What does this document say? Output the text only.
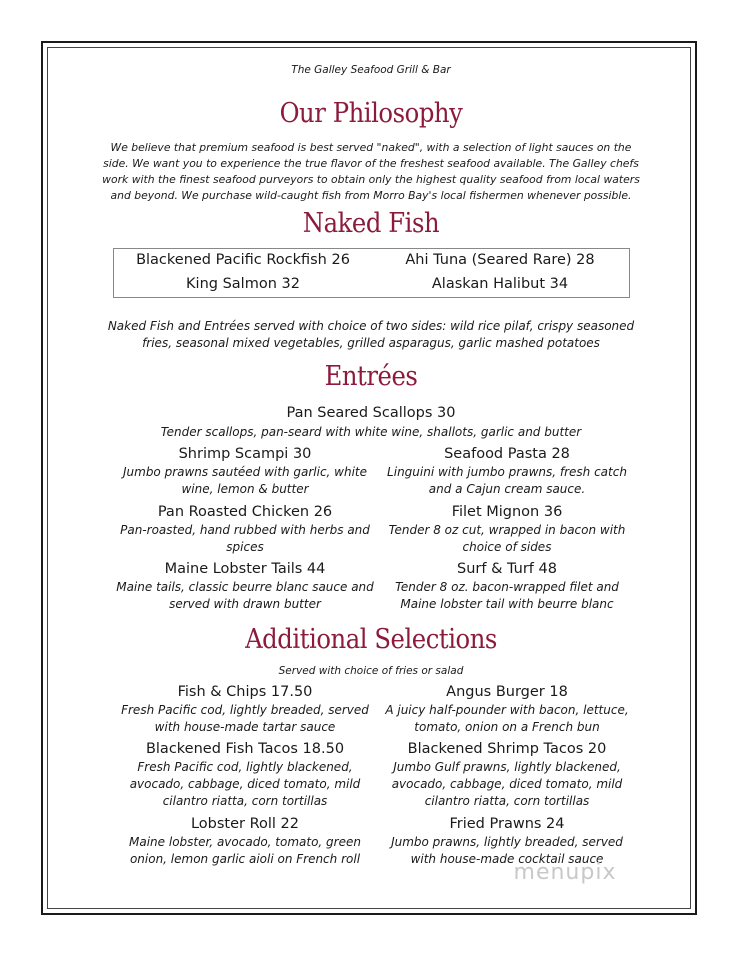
The Galley Seafood Grill & Bar
Our Philosophy
We believe that premium seafood is best served "naked", with a selection of light sauces on the side. We want you to experience the true flavor of the freshest seafood available. The Galley chefs work with the finest seafood purveyors to obtain only the highest quality seafood from local waters and beyond. We purchase wild-caught fish from Morro Bay's local fishermen whenever possible.
Naked Fish
Blackened Pacific Rockfish 26	Ahi Tuna (Seared Rare) 28
King Salmon 32	Alaskan Halibut 34
Naked Fish and Entrées served with choice of two sides: wild rice pilaf, crispy seasoned fries, seasonal mixed vegetables, grilled asparagus, garlic mashed potatoes
Entrées
Pan Seared Scallops 30
Tender scallops, pan-seard with white wine, shallots, garlic and butter
Shrimp Scampi 30
Jumbo prawns sautéed with garlic, white wine, lemon & butter
Seafood Pasta 28
Linguini with jumbo prawns, fresh catch and a Cajun cream sauce.
Pan Roasted Chicken 26
Pan-roasted, hand rubbed with herbs and spices
Filet Mignon 36
Tender 8 oz cut, wrapped in bacon with choice of sides
Maine Lobster Tails 44
Maine tails, classic beurre blanc sauce and served with drawn butter
Surf & Turf 48
Tender 8 oz. bacon-wrapped filet and Maine lobster tail with beurre blanc
Additional Selections
Served with choice of fries or salad
Fish & Chips 17.50
Fresh Pacific cod, lightly breaded, served with house-made tartar sauce
Angus Burger 18
A juicy half-pounder with bacon, lettuce, tomato, onion on a French bun
Blackened Fish Tacos 18.50
Fresh Pacific cod, lightly blackened, avocado, cabbage, diced tomato, mild cilantro riatta, corn tortillas
Blackened Shrimp Tacos 20
Jumbo Gulf prawns, lightly blackened, avocado, cabbage, diced tomato, mild cilantro riatta, corn tortillas
Lobster Roll 22
Maine lobster, avocado, tomato, green onion, lemon garlic aioli on French roll
Fried Prawns 24
Jumbo prawns, lightly breaded, served with house-made cocktail sauce
menupix
